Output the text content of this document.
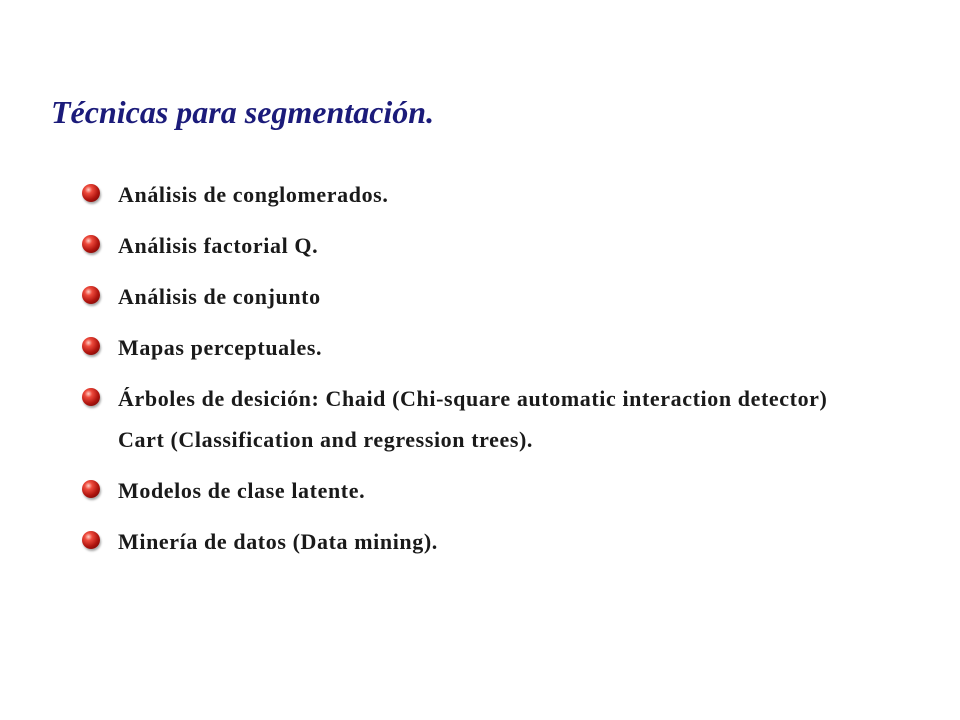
Técnicas para segmentación.
Análisis de conglomerados.
Análisis factorial Q.
Análisis de conjunto
Mapas perceptuales.
Árboles de desición: Chaid (Chi-square automatic interaction detector) Cart (Classification and regression trees).
Modelos de clase latente.
Minería de datos (Data mining).
